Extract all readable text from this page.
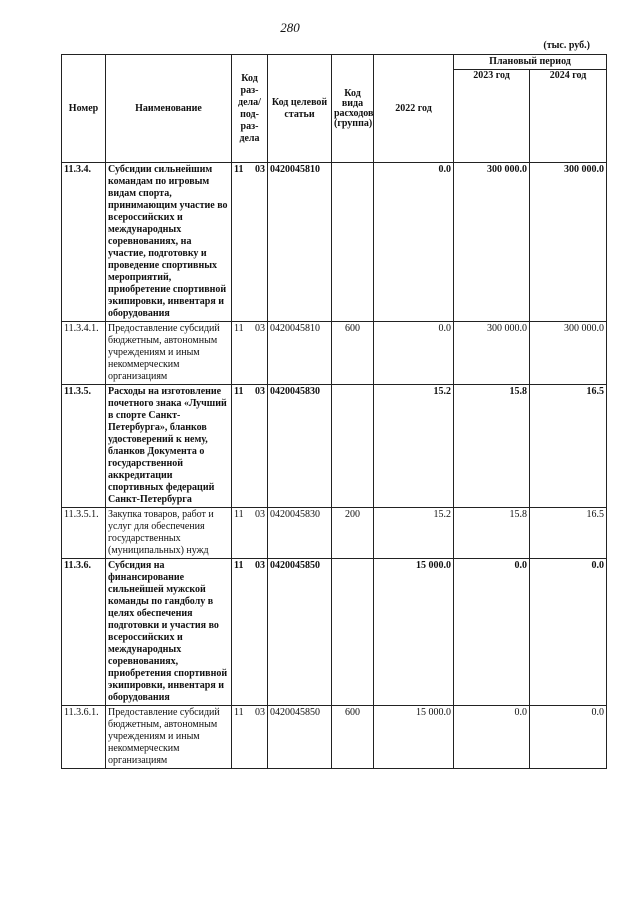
280
(тыс. руб.)
Номер	Наименование	Код раз-дела/ под-раз-дела	Код целевой статьи	Код вида расходов (группа)	2022 год	Плановый период	
						2023 год	2024 год
11.3.4.	Субсидии сильнейшим командам по игровым видам спорта, принимающим участие во всероссийских и международных соревнованиях, на участие, подготовку и проведение спортивных мероприятий, приобретение спортивной экипировки, инвентаря и оборудования	11 03	0420045810		0.0	300 000.0	300 000.0
11.3.4.1.	Предоставление субсидий бюджетным, автономным учреждениям и иным некоммерческим организациям	11 03	0420045810	600	0.0	300 000.0	300 000.0
11.3.5.	Расходы на изготовление почетного знака «Лучший в спорте Санкт-Петербурга», бланков удостоверений к нему, бланков Документа о государственной аккредитации спортивных федераций Санкт-Петербурга	11 03	0420045830		15.2	15.8	16.5
11.3.5.1.	Закупка товаров, работ и услуг для обеспечения государственных (муниципальных) нужд	11 03	0420045830	200	15.2	15.8	16.5
11.3.6.	Субсидия на финансирование сильнейшей мужской команды по гандболу в целях обеспечения подготовки и участия во всероссийских и международных соревнованиях, приобретения спортивной экипировки, инвентаря и оборудования	11 03	0420045850		15 000.0	0.0	0.0
11.3.6.1.	Предоставление субсидий бюджетным, автономным учреждениям и иным некоммерческим организациям	11 03	0420045850	600	15 000.0	0.0	0.0
